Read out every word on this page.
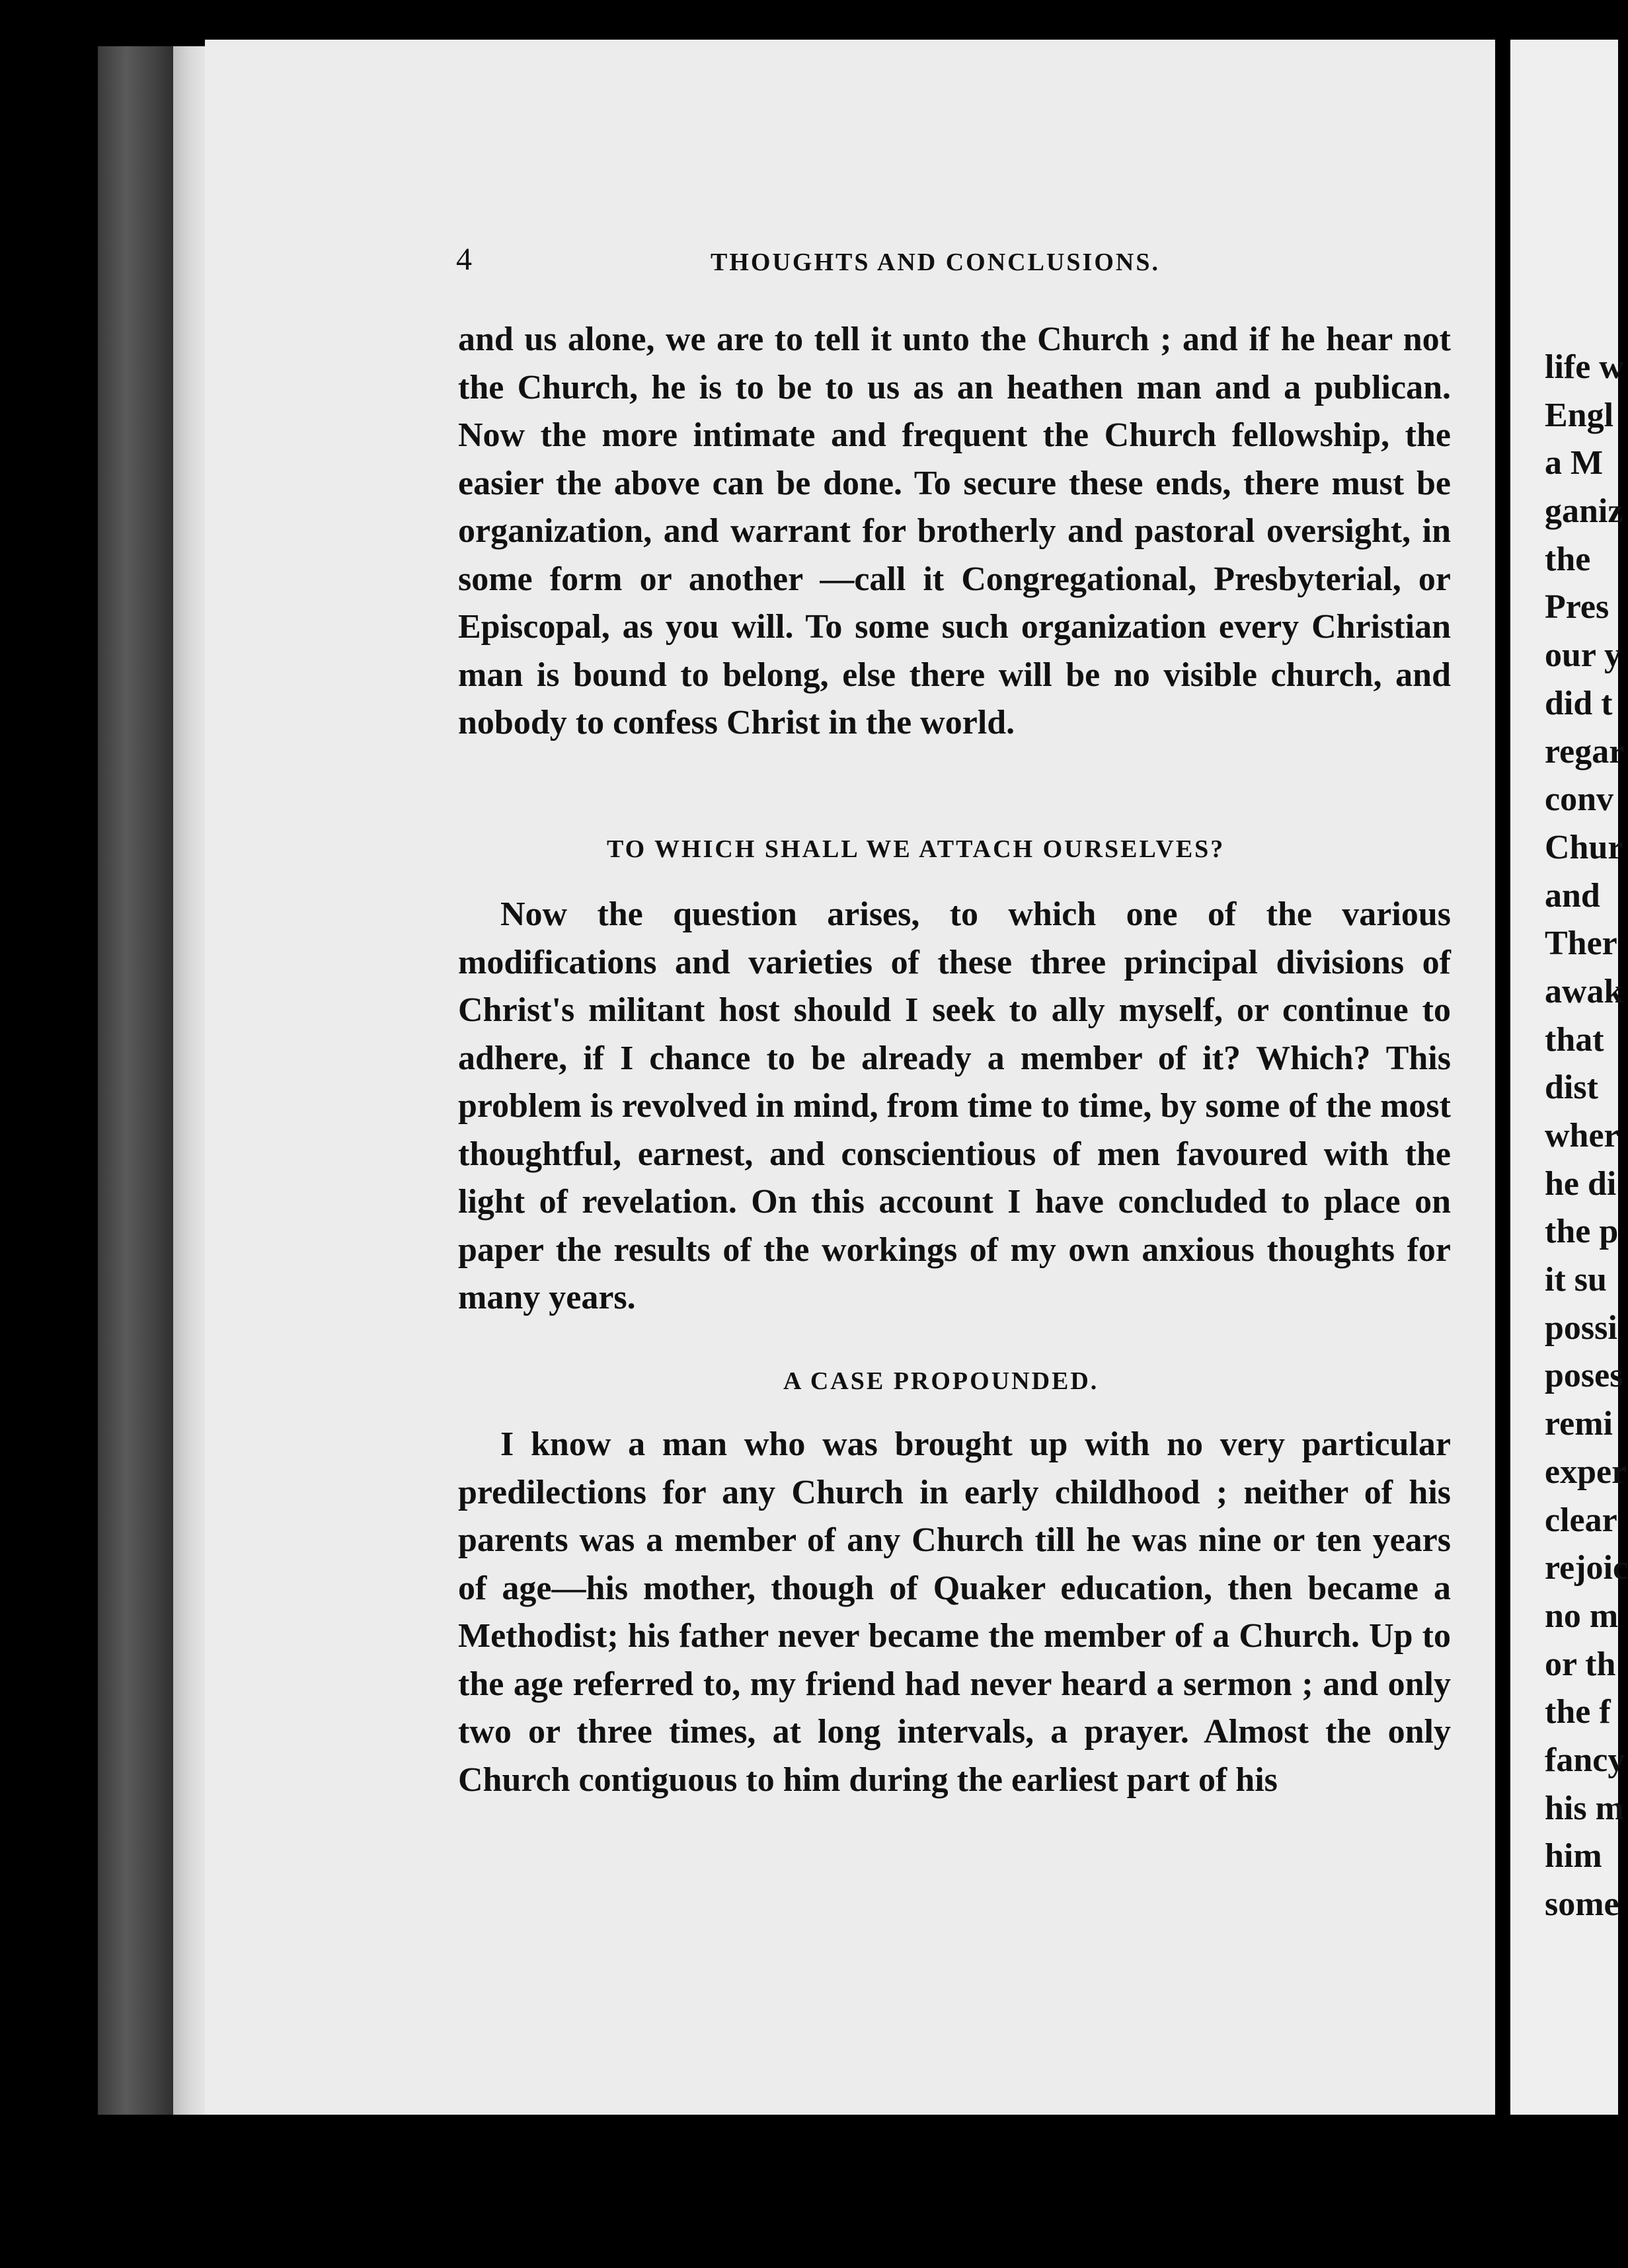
life w
Engl
a M
ganiz
the
Pres
our y
did t
regar
conv
Chur
and
Ther
awak
that
dist
wher
he di
the p
it su
possi
poses
remi
exper
clear
rejoic
no m
or th
the f
fancy
his m
him
some
4	THOUGHTS AND CONCLUSIONS.

and us alone, we are to tell it unto the Church ; and if he hear not the Church, he is to be to us as an heathen man and a publican. Now the more intimate and frequent the Church fellowship, the easier the above can be done. To secure these ends, there must be organization, and warrant for brotherly and pastoral oversight, in some form or another —call it Congregational, Presbyterial, or Episcopal, as you will. To some such organization every Christian man is bound to belong, else there will be no visible church, and nobody to confess Christ in the world.

TO WHICH SHALL WE ATTACH OURSELVES?

Now the question arises, to which one of the various modifications and varieties of these three principal divisions of Christ's militant host should I seek to ally myself, or continue to adhere, if I chance to be already a member of it? Which? This problem is revolved in mind, from time to time, by some of the most thoughtful, earnest, and conscientious of men favoured with the light of revelation. On this account I have concluded to place on paper the results of the workings of my own anxious thoughts for many years.

A CASE PROPOUNDED.

I know a man who was brought up with no very particular predilections for any Church in early childhood ; neither of his parents was a member of any Church till he was nine or ten years of age—his mother, though of Quaker education, then became a Methodist; his father never became the member of a Church. Up to the age referred to, my friend had never heard a sermon ; and only two or three times, at long intervals, a prayer. Almost the only Church contiguous to him during the earliest part of his
